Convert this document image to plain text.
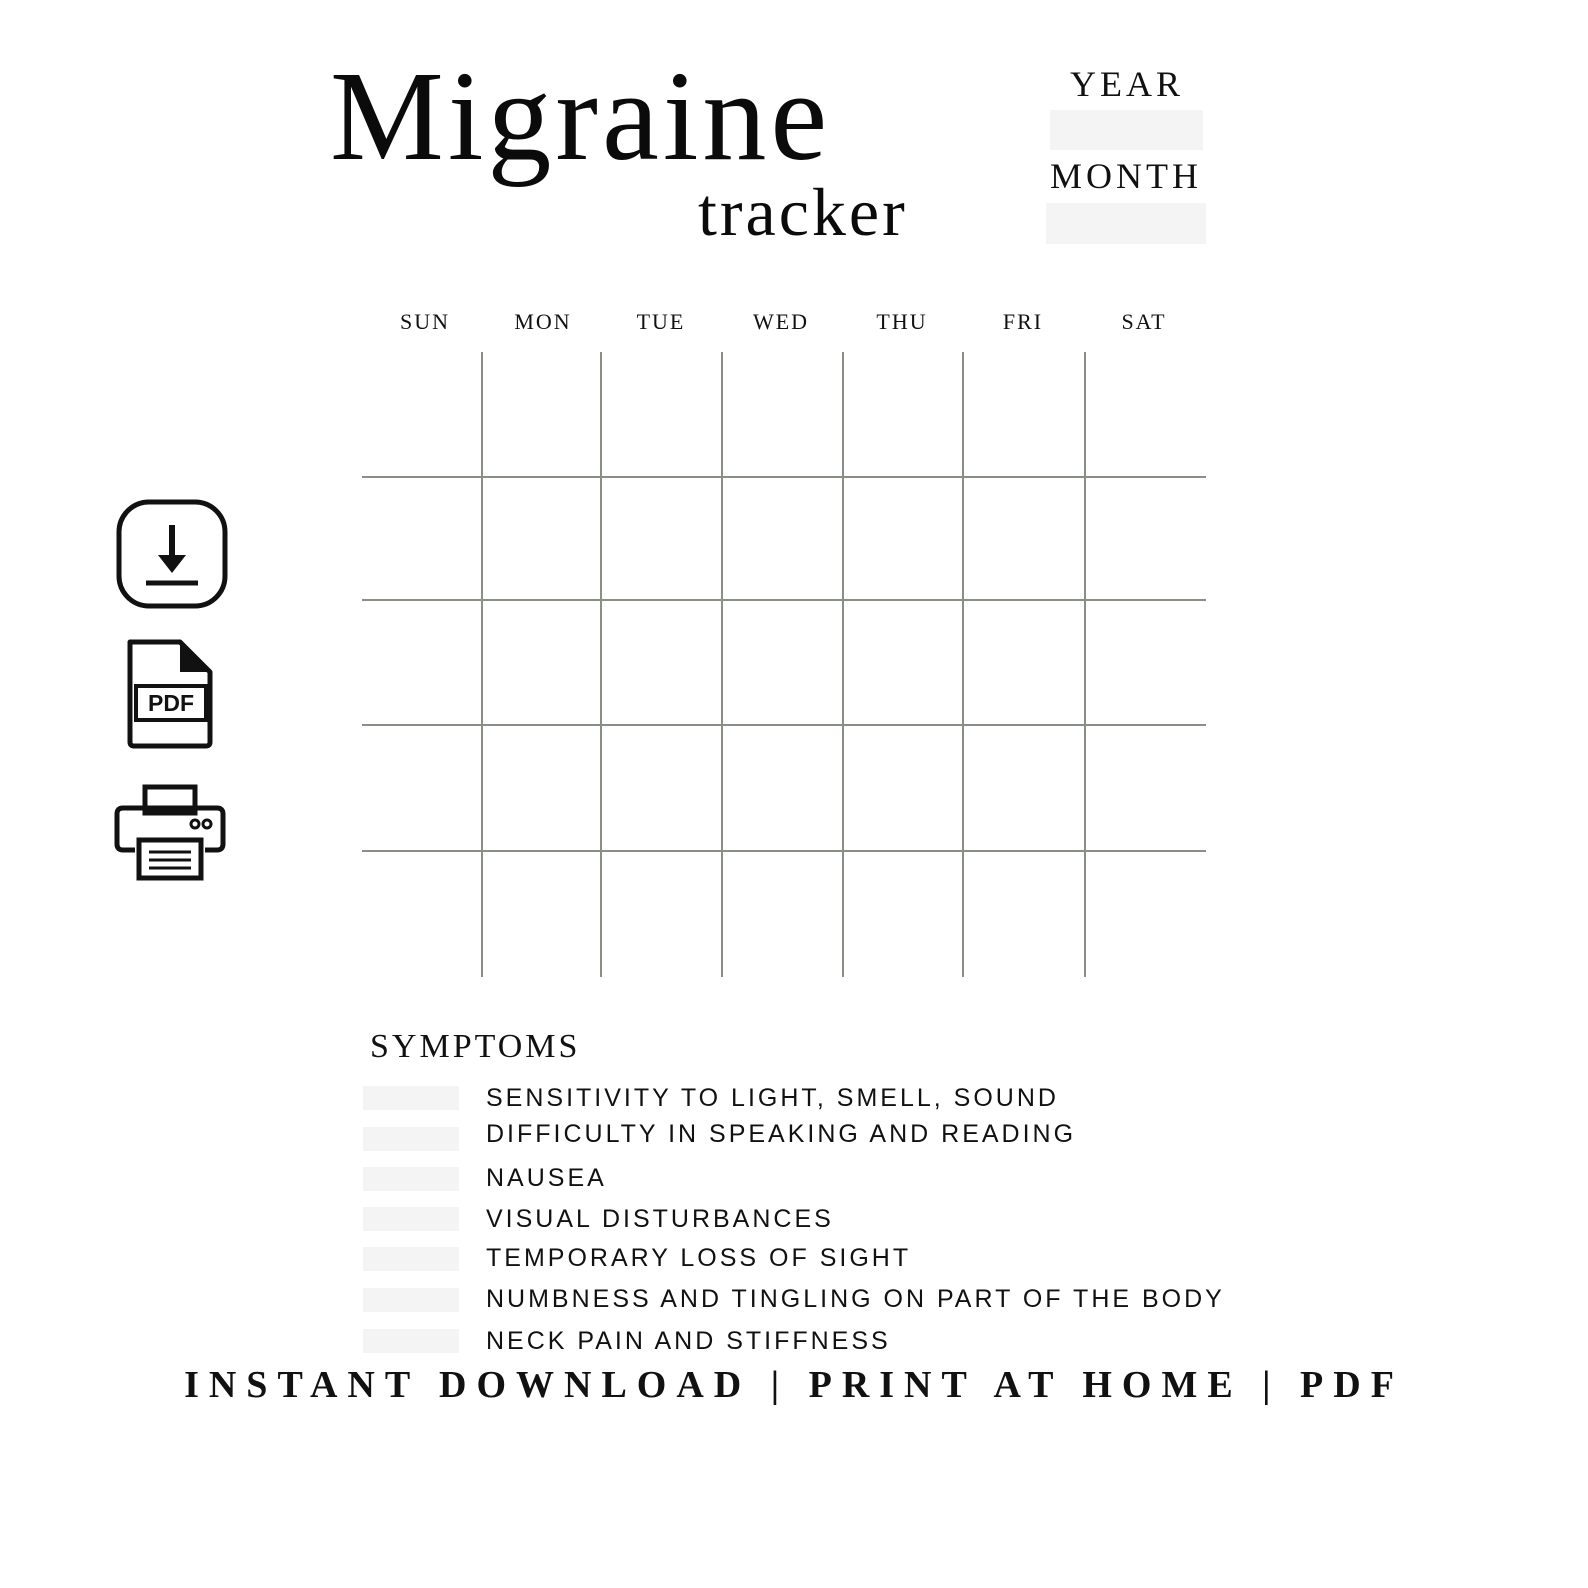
Migraine
tracker
YEAR
MONTH
SUN	MON	TUE	WED	THU	FRI	SAT
PDF
SYMPTOMS
SENSITIVITY TO LIGHT, SMELL, SOUND
DIFFICULTY IN SPEAKING AND READING
NAUSEA
VISUAL DISTURBANCES
TEMPORARY LOSS OF SIGHT
NUMBNESS AND TINGLING ON PART OF THE BODY
NECK PAIN AND STIFFNESS
INSTANT DOWNLOAD | PRINT AT HOME | PDF
